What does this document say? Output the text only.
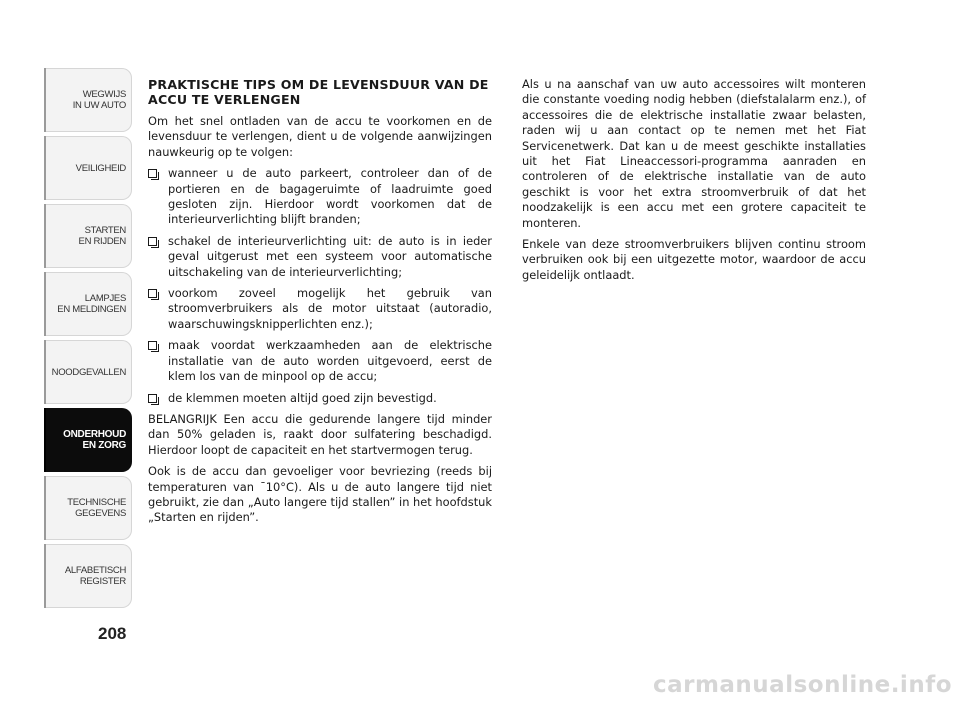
WEGWIJS
IN UW AUTO
VEILIGHEID
STARTEN
EN RIJDEN
LAMPJES
EN MELDINGEN
NOODGEVALLEN
ONDERHOUD
EN ZORG
TECHNISCHE
GEGEVENS
ALFABETISCH
REGISTER
208
PRAKTISCHE TIPS OM DE LEVENSDUUR VAN DE ACCU TE VERLENGEN

Om het snel ontladen van de accu te voorkomen en de levensduur te verlengen, dient u de volgende aanwijzingen nauwkeurig op te volgen:

wanneer u de auto parkeert, controleer dan of de portieren en de bagageruimte of laadruimte goed gesloten zijn. Hierdoor wordt voorkomen dat de interieurverlichting blijft branden;
schakel de interieurverlichting uit: de auto is in ieder geval uitgerust met een systeem voor automatische uitschakeling van de interieurverlichting;
voorkom zoveel mogelijk het gebruik van stroomverbruikers als de motor uitstaat (autoradio, waarschuwingsknipperlichten enz.);
maak voordat werkzaamheden aan de elektrische installatie van de auto worden uitgevoerd, eerst de klem los van de minpool op de accu;
de klemmen moeten altijd goed zijn bevestigd.

BELANGRIJK Een accu die gedurende langere tijd minder dan 50% geladen is, raakt door sulfatering beschadigd. Hierdoor loopt de capaciteit en het startvermogen terug.

Ook is de accu dan gevoeliger voor bevriezing (reeds bij temperaturen van ˉ10°C). Als u de auto langere tijd niet gebruikt, zie dan „Auto langere tijd stallen” in het hoofdstuk „Starten en rijden”.

Als u na aanschaf van uw auto accessoires wilt monteren die constante voeding nodig hebben (diefstalalarm enz.), of accessoires die de elektrische installatie zwaar belasten, raden wij u aan contact op te nemen met het Fiat Servicenetwerk. Dat kan u de meest geschikte installaties uit het Fiat Lineaccessori-programma aanraden en controleren of de elektrische installatie van de auto geschikt is voor het extra stroomverbruik of dat het noodzakelijk is een accu met een grotere capaciteit te monteren.

Enkele van deze stroomverbruikers blijven continu stroom verbruiken ook bij een uitgezette motor, waardoor de accu geleidelijk ontlaadt.

carmanualsonline.info
